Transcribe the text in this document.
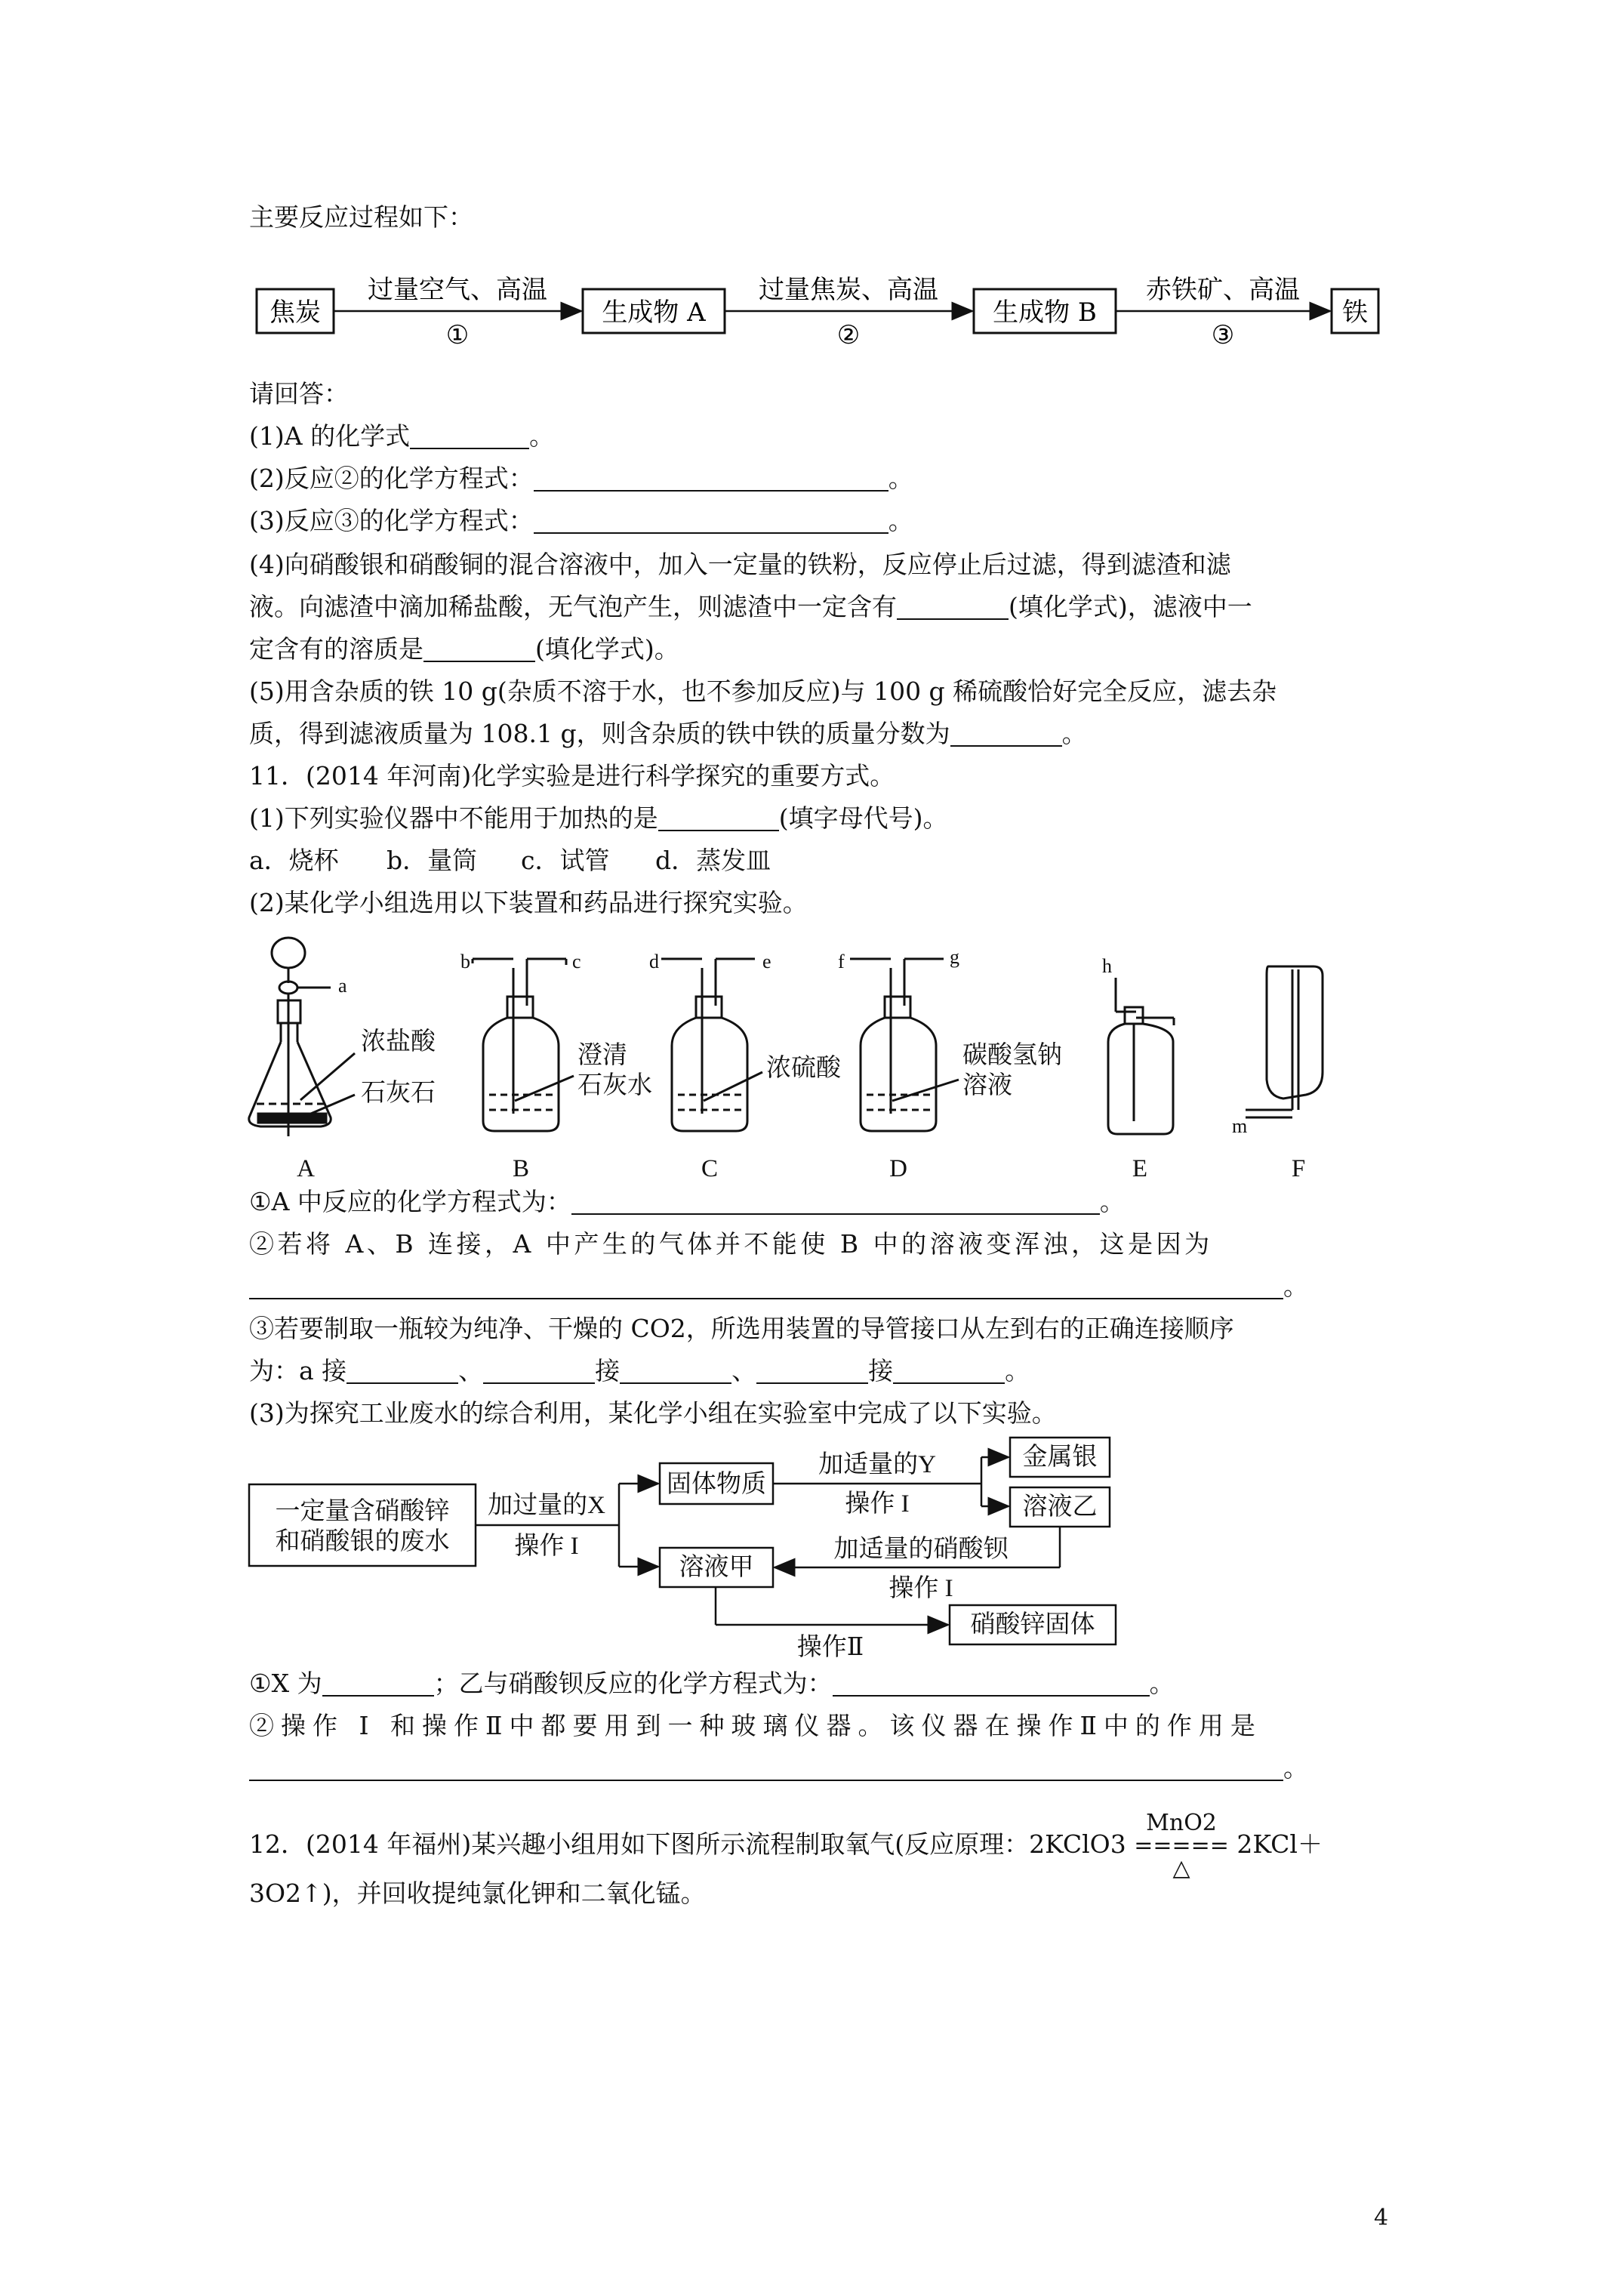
主要反应过程如下：
焦炭
过量空气、高温
①
生成物 A
过量焦炭、高温
②
生成物 B
赤铁矿、高温
③
铁
请回答：
(1)A 的化学式	。
(2)反应②的化学方程式：	。
(3)反应③的化学方程式：	。
(4)向硝酸银和硝酸铜的混合溶液中，加入一定量的铁粉，反应停止后过滤，得到滤渣和滤
液。向滤渣中滴加稀盐酸，无气泡产生，则滤渣中一定含有	(填化学式)，滤液中一
定含有的溶质是	(填化学式)。
(5)用含杂质的铁 10 g(杂质不溶于水，也不参加反应)与 100 g 稀硫酸恰好完全反应，滤去杂
质，得到滤液质量为 108.1 g，则含杂质的铁中铁的质量分数为	。
11．(2014 年河南)化学实验是进行科学探究的重要方式。
(1)下列实验仪器中不能用于加热的是	(填字母代号)。
a．烧杯 b．量筒 c．试管 d．蒸发皿
(2)某化学小组选用以下装置和药品进行探究实验。
a
b	c	d	e	f	g	h
m
浓盐酸
石灰石
澄清
石灰水
浓硫酸	碳酸氢钠
溶液
A	B	C	D	E	F
①A 中反应的化学方程式为：	。
②若将 A、B 连接，A 中产生的气体并不能使 B 中的溶液变浑浊，这是因为
。
③若要制取一瓶较为纯净、干燥的 CO2，所选用装置的导管接口从左到右的正确连接顺序
为：a 接	、	接	、	接	。
(3)为探究工业废水的综合利用，某化学小组在实验室中完成了以下实验。
一定量含硝酸锌
和硝酸银的废水
加过量的X
操作 I
固体物质
加适量的Y
操作 I
金属银
溶液乙
溶液甲
加适量的硝酸钡
操作 I
操作Ⅱ
硝酸锌固体
①X 为	；乙与硝酸钡反应的化学方程式为：	。
②操作 I 和操作Ⅱ中都要用到一种玻璃仪器。该仪器在操作Ⅱ中的作用是
。
12．(2014 年福州)某兴趣小组用如下图所示流程制取氧气(反应原理：2KClO3
MnO2
=====
△
2KCl＋
3O2↑)，并回收提纯氯化钾和二氧化锰。
4
